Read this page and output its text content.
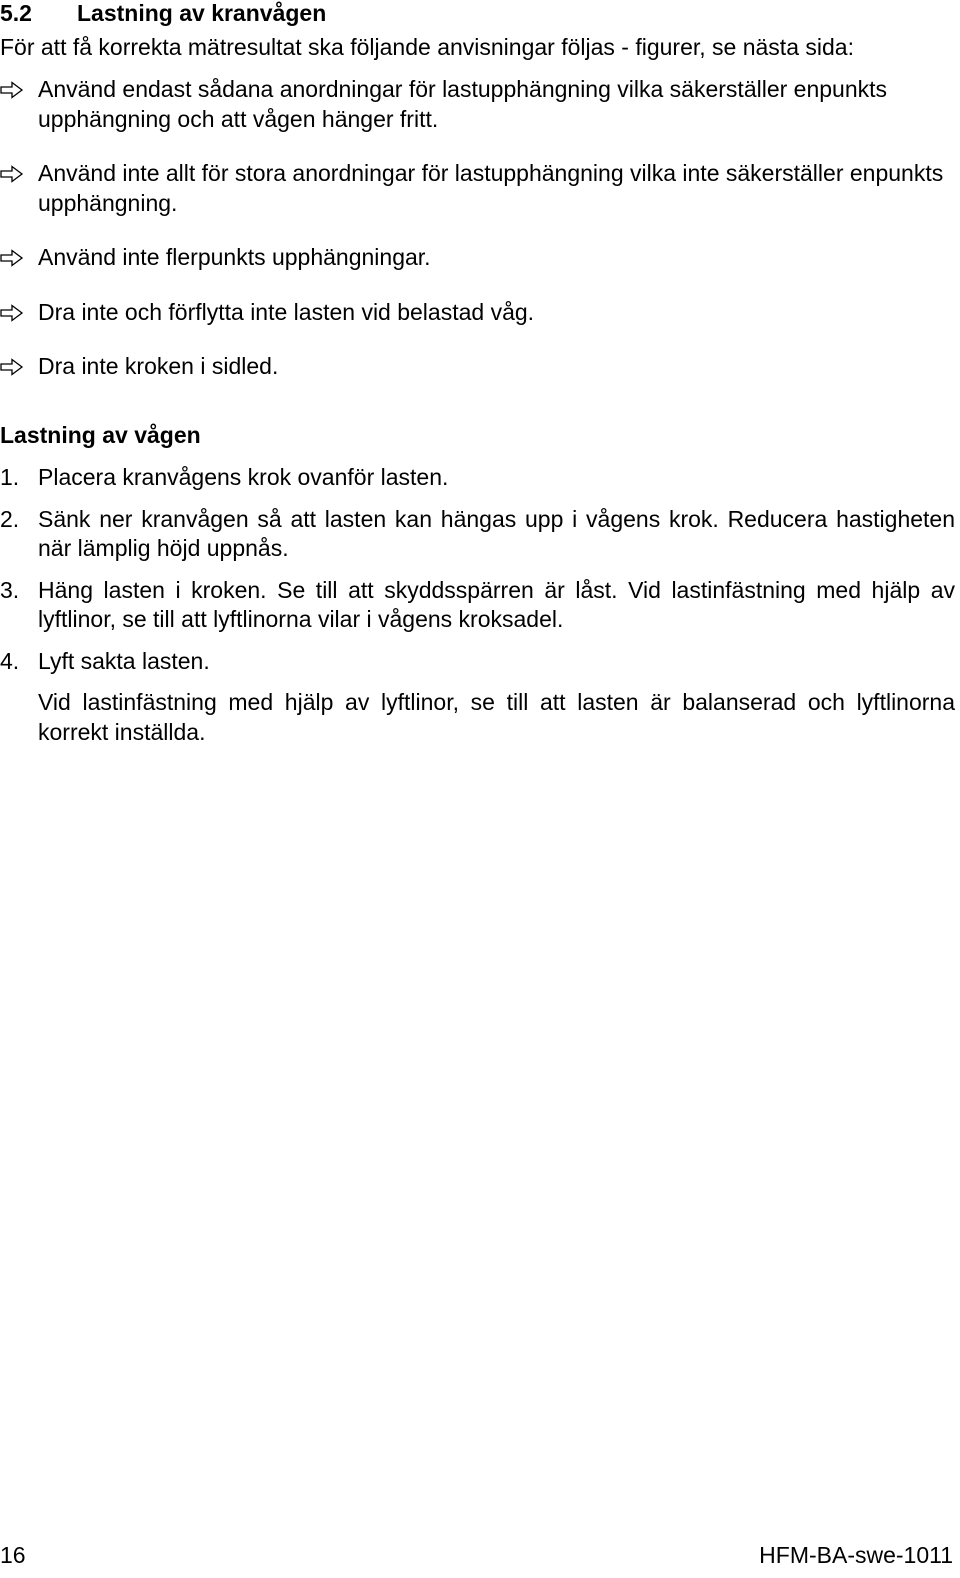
5.2 Lastning av kranvågen
För att få korrekta mätresultat ska följande anvisningar följas - figurer, se nästa sida:
Använd endast sådana anordningar för lastupphängning vilka säkerställer enpunkts upphängning och att vågen hänger fritt.
Använd inte allt för stora anordningar för lastupphängning vilka inte säkerställer enpunkts upphängning.
Använd inte flerpunkts upphängningar.
Dra inte och förflytta inte lasten vid belastad våg.
Dra inte kroken i sidled.
Lastning av vågen
1. Placera kranvågens krok ovanför lasten.
2. Sänk ner kranvågen så att lasten kan hängas upp i vågens krok. Reducera hastigheten när lämplig höjd uppnås.
3. Häng lasten i kroken. Se till att skyddsspärren är låst. Vid lastinfästning med hjälp av lyftlinor, se till att lyftlinorna vilar i vågens kroksadel.
4. Lyft sakta lasten.

Vid lastinfästning med hjälp av lyftlinor, se till att lasten är balanserad och lyftlinorna korrekt inställda.

16	HFM-BA-swe-1011
